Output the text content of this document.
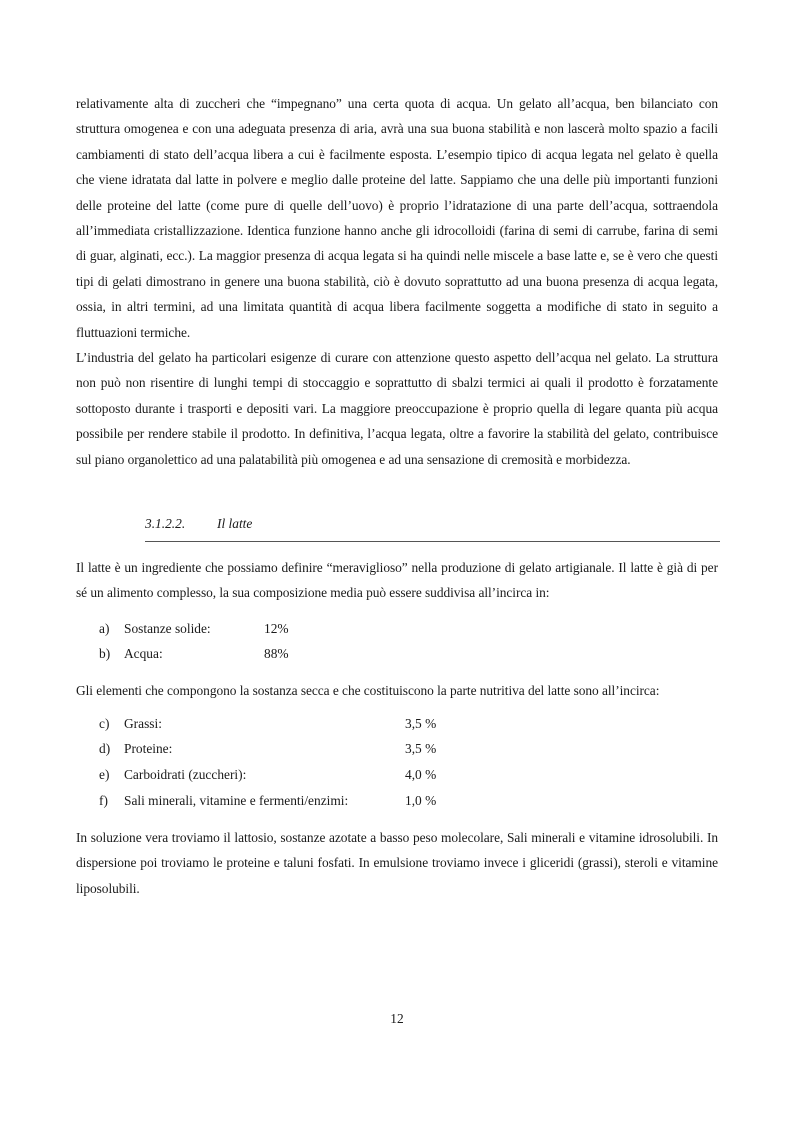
relativamente alta di zuccheri che “impegnano” una certa quota di acqua. Un gelato all’acqua, ben bilanciato con struttura omogenea e con una adeguata presenza di aria, avrà una sua buona stabilità e non lascerà molto spazio a facili cambiamenti di stato dell’acqua libera a cui è facilmente esposta. L’esempio tipico di acqua legata nel gelato è quella che viene idratata dal latte in polvere e meglio dalle proteine del latte. Sappiamo che una delle più importanti funzioni delle proteine del latte (come pure di quelle dell’uovo) è proprio l’idratazione di una parte dell’acqua, sottraendola all’immediata cristallizzazione. Identica funzione hanno anche gli idrocolloidi (farina di semi di carrube, farina di semi di guar, alginati, ecc.). La maggior presenza di acqua legata si ha quindi nelle miscele a base latte e, se è vero che questi tipi di gelati dimostrano in genere una buona stabilità, ciò è dovuto soprattutto ad una buona presenza di acqua legata, ossia, in altri termini, ad una limitata quantità di acqua libera facilmente soggetta a modifiche di stato in seguito a fluttuazioni termiche.

L’industria del gelato ha particolari esigenze di curare con attenzione questo aspetto dell’acqua nel gelato. La struttura non può non risentire di lunghi tempi di stoccaggio e soprattutto di sbalzi termici ai quali il prodotto è forzatamente sottoposto durante i trasporti e depositi vari. La maggiore preoccupazione è proprio quella di legare quanta più acqua possibile per rendere stabile il prodotto. In definitiva, l’acqua legata, oltre a favorire la stabilità del gelato, contribuisce sul piano organolettico ad una palatabilità più omogenea e ad una sensazione di cremosità e morbidezza.

3.1.2.2. Il latte

Il latte è un ingrediente che possiamo definire “meraviglioso” nella produzione di gelato artigianale. Il latte è già di per sé un alimento complesso, la sua composizione media può essere suddivisa all’incirca in:

a) Sostanze solide:	12%
b) Acqua:	88%

Gli elementi che compongono la sostanza secca e che costituiscono la parte nutritiva del latte sono all’incirca:

c) Grassi:	3,5 %
d) Proteine:	3,5 %
e) Carboidrati (zuccheri):	4,0 %
f) Sali minerali, vitamine e fermenti/enzimi:	1,0 %

In soluzione vera troviamo il lattosio, sostanze azotate a basso peso molecolare, Sali minerali e vitamine idrosolubili. In dispersione poi troviamo le proteine e taluni fosfati. In emulsione troviamo invece i gliceridi (grassi), steroli e vitamine liposolubili.

12
